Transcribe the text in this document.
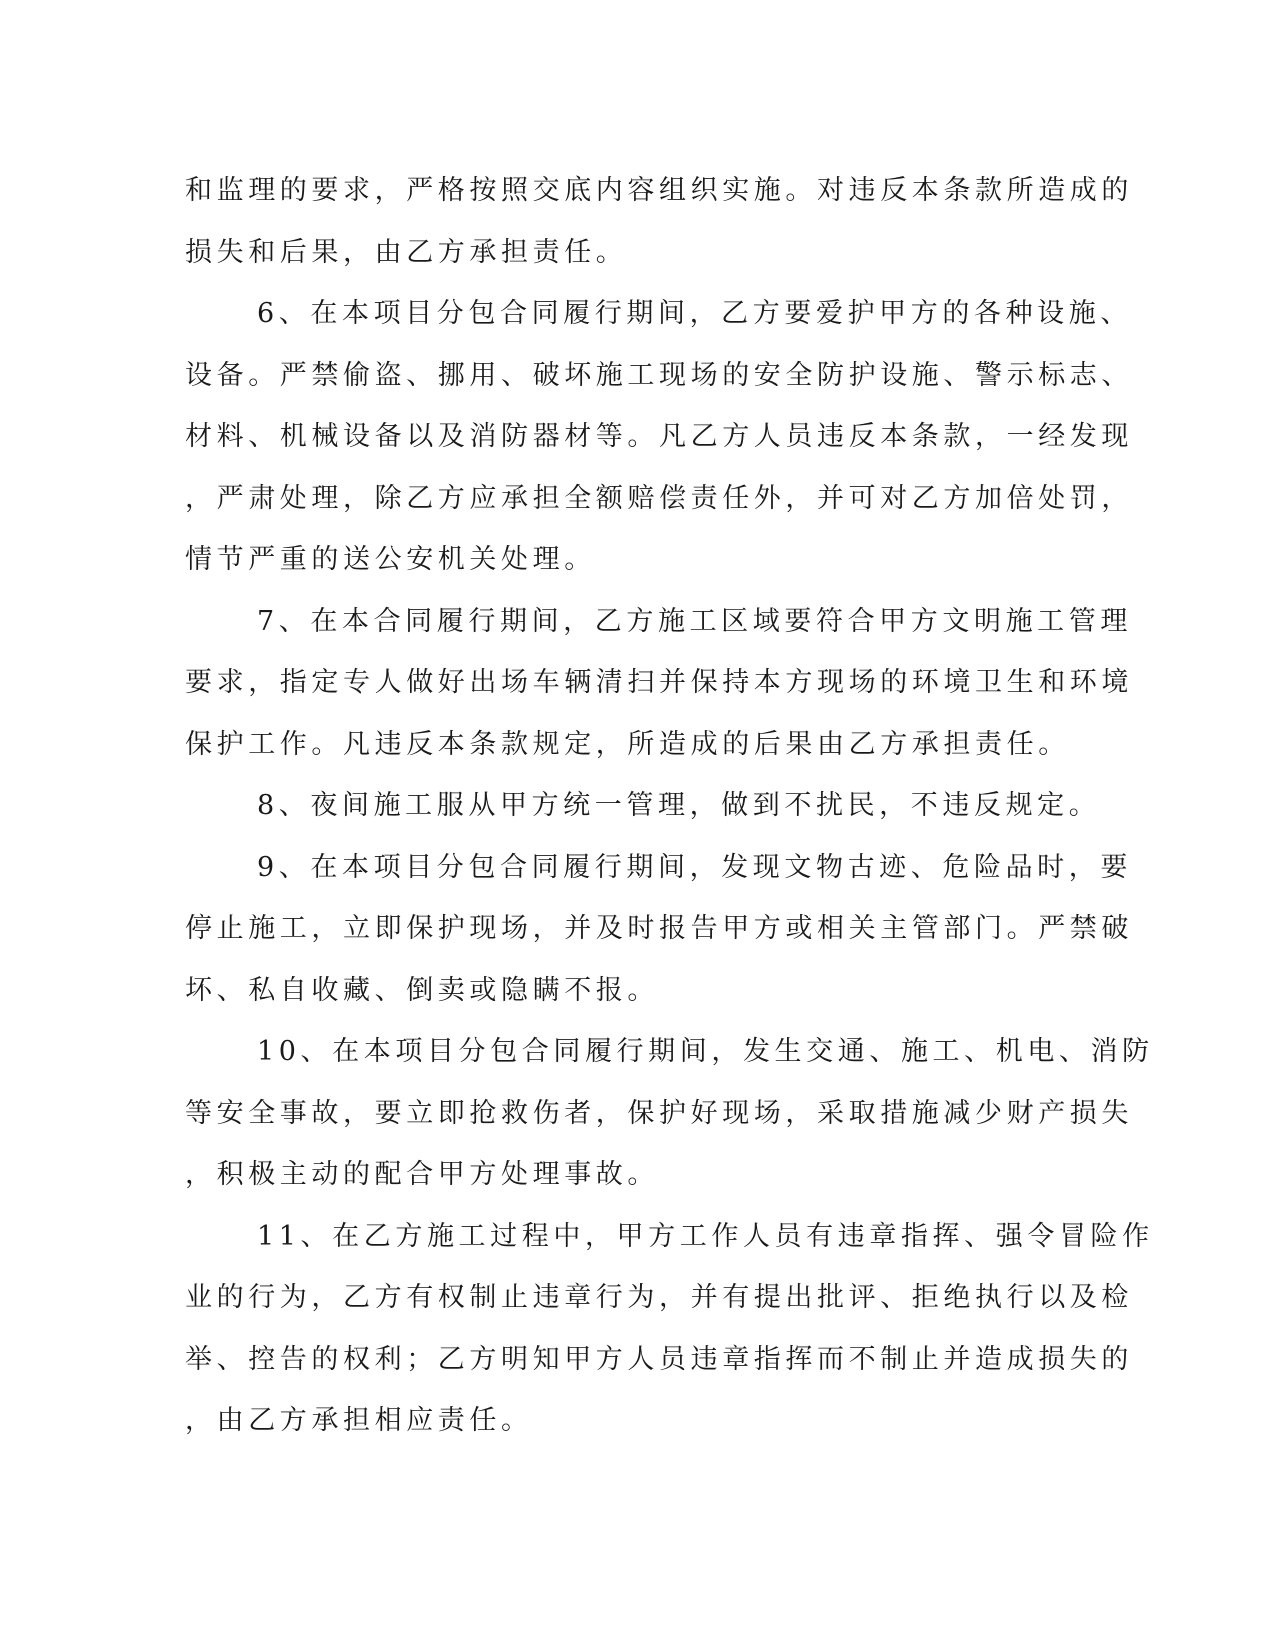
和监理的要求，严格按照交底内容组织实施。对违反本条款所造成的
损失和后果，由乙方承担责任。
6、在本项目分包合同履行期间，乙方要爱护甲方的各种设施、
设备。严禁偷盗、挪用、破坏施工现场的安全防护设施、警示标志、
材料、机械设备以及消防器材等。凡乙方人员违反本条款，一经发现
，严肃处理，除乙方应承担全额赔偿责任外，并可对乙方加倍处罚，
情节严重的送公安机关处理。
7、在本合同履行期间，乙方施工区域要符合甲方文明施工管理
要求，指定专人做好出场车辆清扫并保持本方现场的环境卫生和环境
保护工作。凡违反本条款规定，所造成的后果由乙方承担责任。
8、夜间施工服从甲方统一管理，做到不扰民，不违反规定。
9、在本项目分包合同履行期间，发现文物古迹、危险品时，要
停止施工，立即保护现场，并及时报告甲方或相关主管部门。严禁破
坏、私自收藏、倒卖或隐瞒不报。
10、在本项目分包合同履行期间，发生交通、施工、机电、消防
等安全事故，要立即抢救伤者，保护好现场，采取措施减少财产损失
，积极主动的配合甲方处理事故。
11、在乙方施工过程中，甲方工作人员有违章指挥、强令冒险作
业的行为，乙方有权制止违章行为，并有提出批评、拒绝执行以及检
举、控告的权利；乙方明知甲方人员违章指挥而不制止并造成损失的
，由乙方承担相应责任。
